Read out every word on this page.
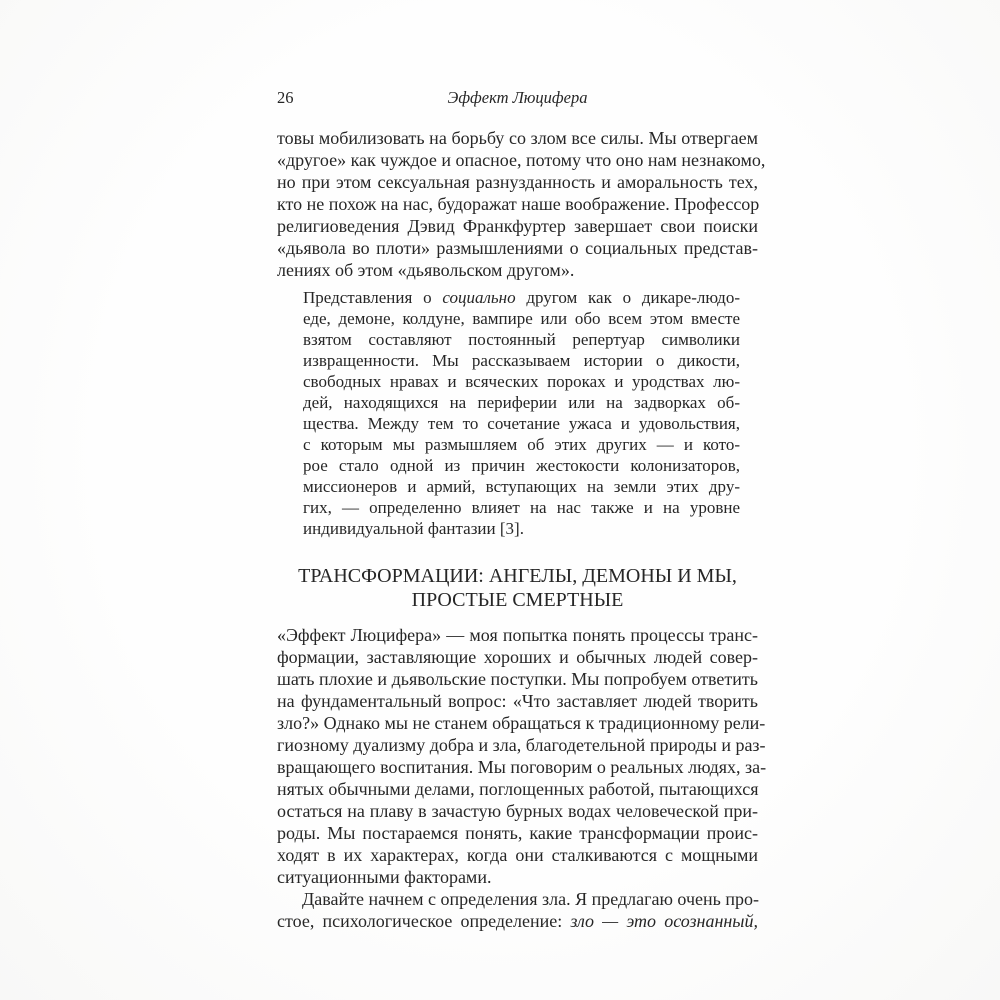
26	Эффект Люцифера
товы мобилизовать на борьбу со злом все силы. Мы отвергаем
«другое» как чуждое и опасное, потому что оно нам незнакомо,
но при этом сексуальная разнузданность и аморальность тех,
кто не похож на нас, будоражат наше воображение. Профессор
религиоведения Дэвид Франкфуртер завершает свои поиски
«дьявола во плоти» размышлениями о социальных представ-
лениях об этом «дьявольском другом».
Представления о социально другом как о дикаре-людо-
еде, демоне, колдуне, вампире или обо всем этом вместе
взятом составляют постоянный репертуар символики
извращенности. Мы рассказываем истории о дикости,
свободных нравах и всяческих пороках и уродствах лю-
дей, находящихся на периферии или на задворках об-
щества. Между тем то сочетание ужаса и удовольствия,
с которым мы размышляем об этих других — и кото-
рое стало одной из причин жестокости колонизаторов,
миссионеров и армий, вступающих на земли этих дру-
гих, — определенно влияет на нас также и на уровне
индивидуальной фантазии [3].
ТРАНСФОРМАЦИИ: АНГЕЛЫ, ДЕМОНЫ И МЫ,
ПРОСТЫЕ СМЕРТНЫЕ
«Эффект Люцифера» — моя попытка понять процессы транс-
формации, заставляющие хороших и обычных людей совер-
шать плохие и дьявольские поступки. Мы попробуем ответить
на фундаментальный вопрос: «Что заставляет людей творить
зло?» Однако мы не станем обращаться к традиционному рели-
гиозному дуализму добра и зла, благодетельной природы и раз-
вращающего воспитания. Мы поговорим о реальных людях, за-
нятых обычными делами, поглощенных работой, пытающихся
остаться на плаву в зачастую бурных водах человеческой при-
роды. Мы постараемся понять, какие трансформации проис-
ходят в их характерах, когда они сталкиваются с мощными
ситуационными факторами.
Давайте начнем с определения зла. Я предлагаю очень про-
стое, психологическое определение: зло — это осознанный,
